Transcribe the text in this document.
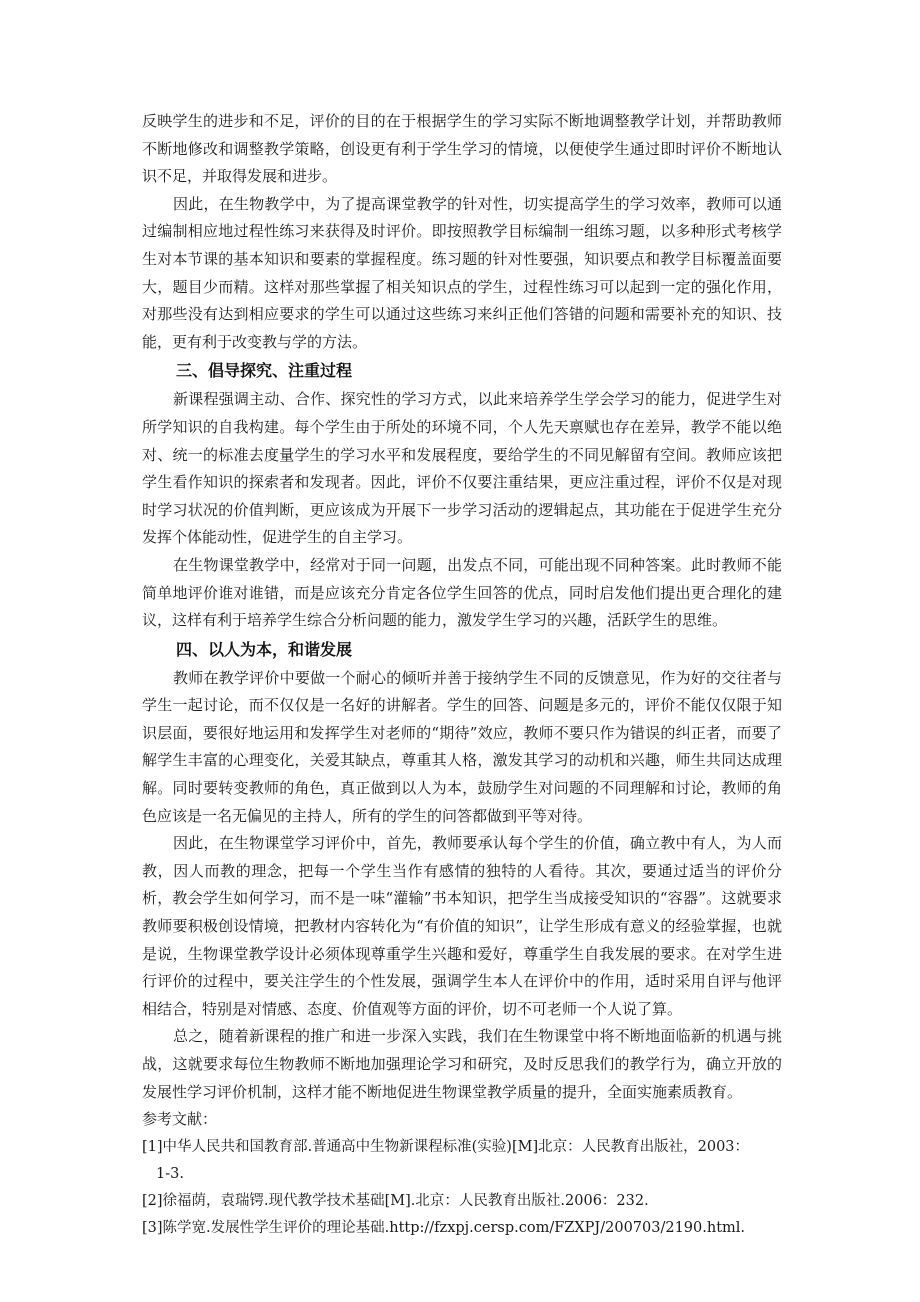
反映学生的进步和不足，评价的目的在于根据学生的学习实际不断地调整教学计划，并帮助教师不断地修改和调整教学策略，创设更有利于学生学习的情境，以便使学生通过即时评价不断地认识不足，并取得发展和进步。

因此，在生物教学中，为了提高课堂教学的针对性，切实提高学生的学习效率，教师可以通过编制相应地过程性练习来获得及时评价。即按照教学目标编制一组练习题，以多种形式考核学生对本节课的基本知识和要素的掌握程度。练习题的针对性要强，知识要点和教学目标覆盖面要大，题目少而精。这样对那些掌握了相关知识点的学生，过程性练习可以起到一定的强化作用，对那些没有达到相应要求的学生可以通过这些练习来纠正他们答错的问题和需要补充的知识、技能，更有利于改变教与学的方法。

三、倡导探究、注重过程

新课程强调主动、合作、探究性的学习方式，以此来培养学生学会学习的能力，促进学生对所学知识的自我构建。每个学生由于所处的环境不同，个人先天禀赋也存在差异，教学不能以绝对、统一的标准去度量学生的学习水平和发展程度，要给学生的不同见解留有空间。教师应该把学生看作知识的探索者和发现者。因此，评价不仅要注重结果，更应注重过程，评价不仅是对现时学习状况的价值判断，更应该成为开展下一步学习活动的逻辑起点，其功能在于促进学生充分发挥个体能动性，促进学生的自主学习。

在生物课堂教学中，经常对于同一问题，出发点不同，可能出现不同种答案。此时教师不能简单地评价谁对谁错，而是应该充分肯定各位学生回答的优点，同时启发他们提出更合理化的建议，这样有利于培养学生综合分析问题的能力，激发学生学习的兴趣，活跃学生的思维。

四、以人为本，和谐发展

教师在教学评价中要做一个耐心的倾听并善于接纳学生不同的反馈意见，作为好的交往者与学生一起讨论，而不仅仅是一名好的讲解者。学生的回答、问题是多元的，评价不能仅仅限于知识层面，要很好地运用和发挥学生对老师的“期待”效应，教师不要只作为错误的纠正者，而要了解学生丰富的心理变化，关爱其缺点，尊重其人格，激发其学习的动机和兴趣，师生共同达成理解。同时要转变教师的角色，真正做到以人为本，鼓励学生对问题的不同理解和讨论，教师的角色应该是一名无偏见的主持人，所有的学生的问答都做到平等对待。

因此，在生物课堂学习评价中，首先，教师要承认每个学生的价值，确立教中有人，为人而教，因人而教的理念，把每一个学生当作有感情的独特的人看待。其次，要通过适当的评价分析，教会学生如何学习，而不是一味“灌输”书本知识，把学生当成接受知识的“容器”。这就要求教师要积极创设情境，把教材内容转化为“有价值的知识”，让学生形成有意义的经验掌握，也就是说，生物课堂教学设计必须体现尊重学生兴趣和爱好，尊重学生自我发展的要求。在对学生进行评价的过程中，要关注学生的个性发展，强调学生本人在评价中的作用，适时采用自评与他评相结合，特别是对情感、态度、价值观等方面的评价，切不可老师一个人说了算。

总之，随着新课程的推广和进一步深入实践，我们在生物课堂中将不断地面临新的机遇与挑战，这就要求每位生物教师不断地加强理论学习和研究，及时反思我们的教学行为，确立开放的发展性学习评价机制，这样才能不断地促进生物课堂教学质量的提升，全面实施素质教育。

参考文献：

[1]中华人民共和国教育部.普通高中生物新课程标准(实验)[M]北京：人民教育出版社，2003：
1-3.

[2]徐福荫，袁瑞锷.现代教学技术基础[M].北京：人民教育出版社.2006：232.

[3]陈学宽.发展性学生评价的理论基础.http://fzxpj.cersp.com/FZXPJ/200703/2190.html.
